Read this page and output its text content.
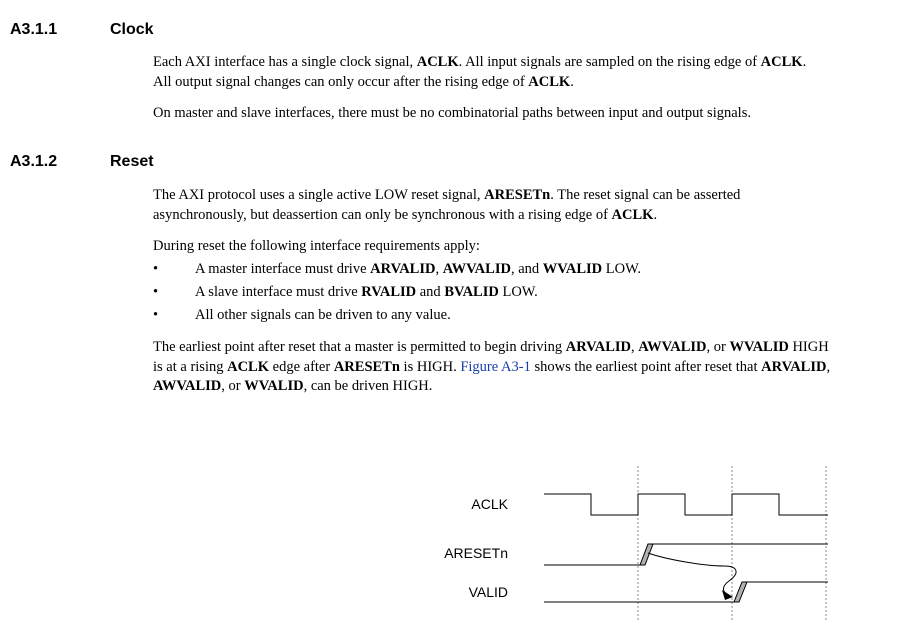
A3.1.1	Clock
Each AXI interface has a single clock signal, ACLK. All input signals are sampled on the rising edge of ACLK.
All output signal changes can only occur after the rising edge of ACLK.
On master and slave interfaces, there must be no combinatorial paths between input and output signals.
A3.1.2	Reset
The AXI protocol uses a single active LOW reset signal, ARESETn. The reset signal can be asserted
asynchronously, but deassertion can only be synchronous with a rising edge of ACLK.
During reset the following interface requirements apply:
•	A master interface must drive ARVALID, AWVALID, and WVALID LOW.
•	A slave interface must drive RVALID and BVALID LOW.
•	All other signals can be driven to any value.
The earliest point after reset that a master is permitted to begin driving ARVALID, AWVALID, or WVALID HIGH
is at a rising ACLK edge after ARESETn is HIGH. Figure A3-1 shows the earliest point after reset that ARVALID,
AWVALID, or WVALID, can be driven HIGH.
ACLK
ARESETn
VALID
